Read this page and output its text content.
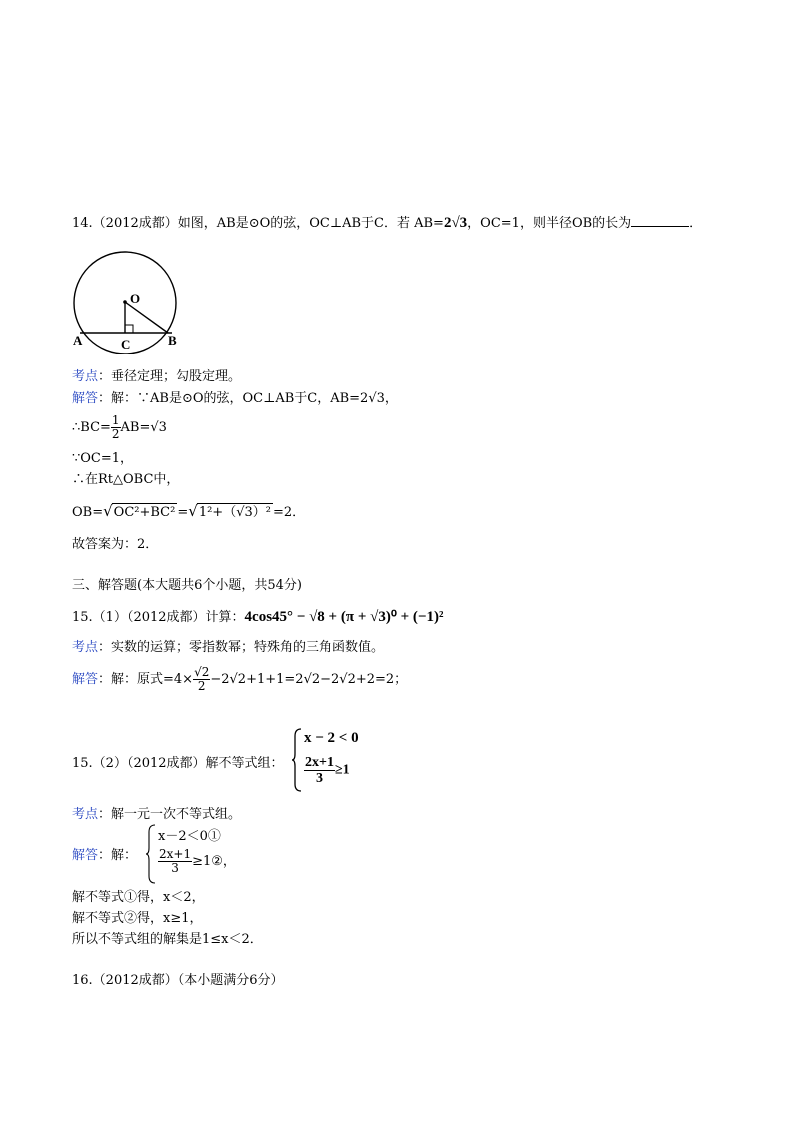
14.（2012成都）如图，AB是⊙O的弦，OC⊥AB于C．若 AB=2√3，OC=1，则半径OB的长为	．
O
A	C	B
考点：垂径定理；勾股定理。
解答：解：∵AB是⊙O的弦，OC⊥AB于C，AB=2√3，
∴BC= $\frac{1}{2} AB=√3$
∵OC=1，
∴在Rt△OBC中，
OB=√OC²+BC² =√1²+（√3）² =2．
故答案为：2．
三、解答题(本大题共6个小题，共54分)
15.（1）（2012成都）计算：4cos45° − √8 + (π + √3)⁰ + (−1)²
考点：实数的运算；零指数幂；特殊角的三角函数值。
解答：解：原式$=4\times \frac{√2}{2} -2√2+1+1=2√2-2√2+2=2$；
15.（2）（2012成都）解不等式组：
x − 2 < 0
$\frac{2x+1}{3} \ge 1$
考点：解一元一次不等式组。
解答：解：
x－2＜0①
$\frac{2x+1}{3}$ ≥1②，
解不等式①得，x＜2，
解不等式②得，x≥1，
所以不等式组的解集是1≤x＜2．
16.（2012成都）（本小题满分6分）
